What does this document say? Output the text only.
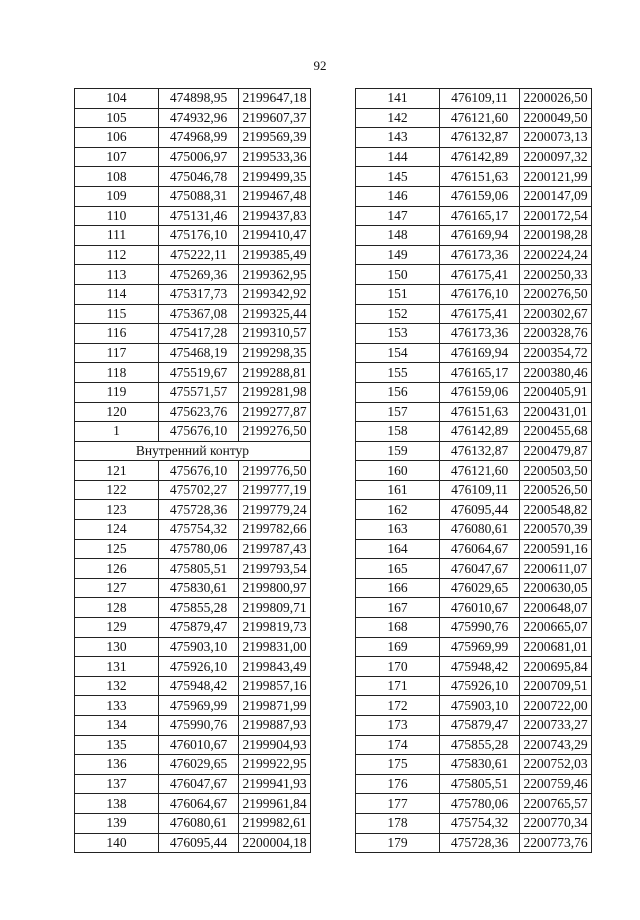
92
104	474898,95	2199647,18
105	474932,96	2199607,37
106	474968,99	2199569,39
107	475006,97	2199533,36
108	475046,78	2199499,35
109	475088,31	2199467,48
110	475131,46	2199437,83
111	475176,10	2199410,47
112	475222,11	2199385,49
113	475269,36	2199362,95
114	475317,73	2199342,92
115	475367,08	2199325,44
116	475417,28	2199310,57
117	475468,19	2199298,35
118	475519,67	2199288,81
119	475571,57	2199281,98
120	475623,76	2199277,87
1	475676,10	2199276,50
Внутренний контур		
121	475676,10	2199776,50
122	475702,27	2199777,19
123	475728,36	2199779,24
124	475754,32	2199782,66
125	475780,06	2199787,43
126	475805,51	2199793,54
127	475830,61	2199800,97
128	475855,28	2199809,71
129	475879,47	2199819,73
130	475903,10	2199831,00
131	475926,10	2199843,49
132	475948,42	2199857,16
133	475969,99	2199871,99
134	475990,76	2199887,93
135	476010,67	2199904,93
136	476029,65	2199922,95
137	476047,67	2199941,93
138	476064,67	2199961,84
139	476080,61	2199982,61
140	476095,44	2200004,18
141	476109,11	2200026,50
142	476121,60	2200049,50
143	476132,87	2200073,13
144	476142,89	2200097,32
145	476151,63	2200121,99
146	476159,06	2200147,09
147	476165,17	2200172,54
148	476169,94	2200198,28
149	476173,36	2200224,24
150	476175,41	2200250,33
151	476176,10	2200276,50
152	476175,41	2200302,67
153	476173,36	2200328,76
154	476169,94	2200354,72
155	476165,17	2200380,46
156	476159,06	2200405,91
157	476151,63	2200431,01
158	476142,89	2200455,68
159	476132,87	2200479,87
160	476121,60	2200503,50
161	476109,11	2200526,50
162	476095,44	2200548,82
163	476080,61	2200570,39
164	476064,67	2200591,16
165	476047,67	2200611,07
166	476029,65	2200630,05
167	476010,67	2200648,07
168	475990,76	2200665,07
169	475969,99	2200681,01
170	475948,42	2200695,84
171	475926,10	2200709,51
172	475903,10	2200722,00
173	475879,47	2200733,27
174	475855,28	2200743,29
175	475830,61	2200752,03
176	475805,51	2200759,46
177	475780,06	2200765,57
178	475754,32	2200770,34
179	475728,36	2200773,76
